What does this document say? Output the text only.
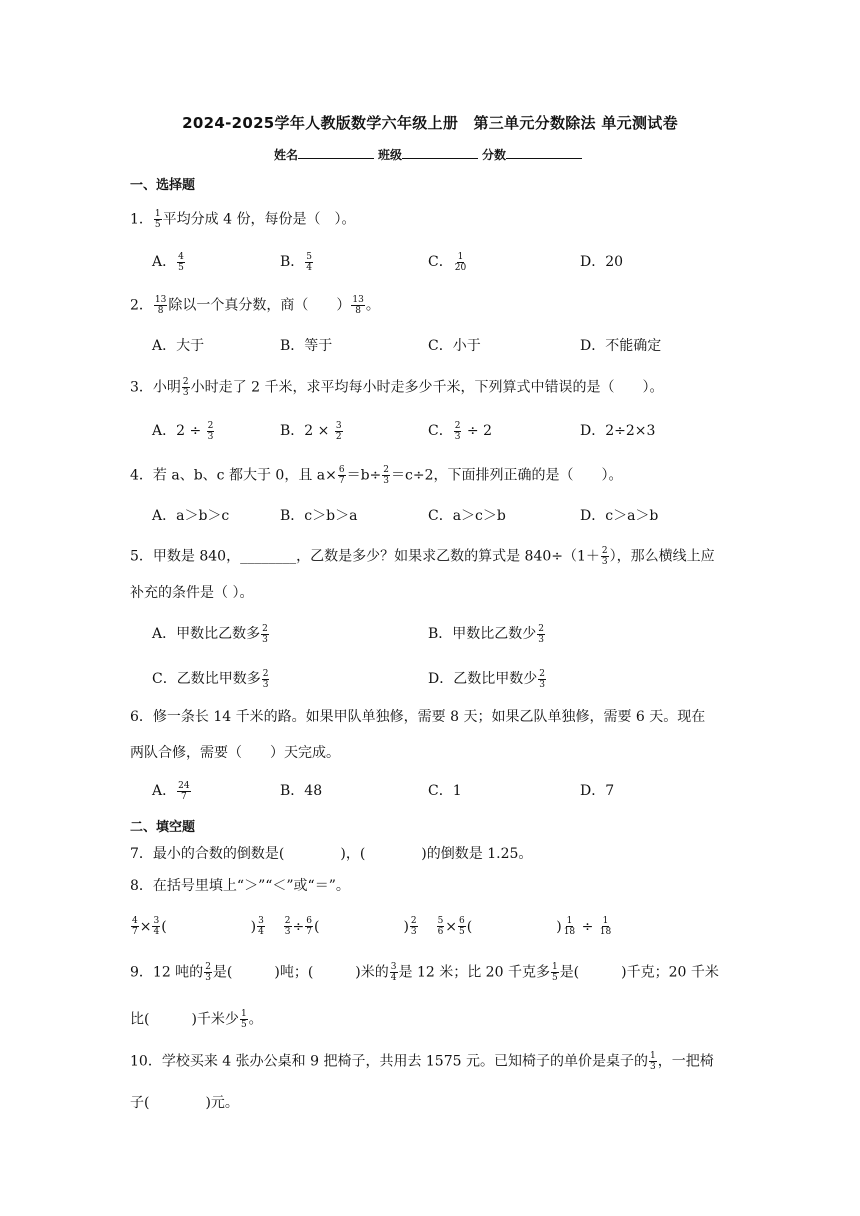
2024-2025学年人教版数学六年级上册　第三单元分数除法 单元测试卷
姓名	班级	分数
一、选择题
1． $\frac{1}{5}$ 平均分成 4 份，每份是（　）。
A． $\frac{4}{5}$	B． $\frac{5}{4}$	C． $\frac{1}{20}$	D．20
2． $\frac{13}{8}$ 除以一个真分数，商（　　） $\frac{13}{8}$ 。
A．大于	B．等于	C．小于	D．不能确定
3．小明 $\frac{2}{3}$ 小时走了 2 千米，求平均每小时走多少千米，下列算式中错误的是（　　）。
A．$2 \div \frac{2}{3}$	B．$2 \times \frac{3}{2}$	C． $\frac{2}{3} \div 2$	D．2÷2×3
4．若 a、b、c 都大于 0，且 $a\times \frac{6}{7} =b\div \frac{2}{3} =c\div 2$，下面排列正确的是（　　）。
A．a＞b＞c	B．c＞b＞a	C．a＞c＞b	D．c＞a＞b
5．甲数是 840，________，乙数是多少？如果求乙数的算式是 $840\div(1+ \frac{2}{3}$ ），那么横线上应
补充的条件是（ ）。
A．甲数比乙数多 $\frac{2}{3}$	B．甲数比乙数少 $\frac{2}{3}$
C．乙数比甲数多 $\frac{2}{3}$	D．乙数比甲数少 $\frac{2}{3}$
6．修一条长 14 千米的路。如果甲队单独修，需要 8 天；如果乙队单独修，需要 6 天。现在
两队合修，需要（　　）天完成。
A． $\frac{24}{7}$	B．48	C．1	D．7
二、填空题
7．最小的合数的倒数是(　　　　)，(　　　　)的倒数是 1.25。
8．在括号里填上“＞”“＜”或“＝”。
$\frac{4}{7} \times \frac{3}{4}$ (　　　　　　) $\frac{3}{4}$
$\frac{2}{3} \div \frac{6}{7}$ (　　　　　　) $\frac{2}{3}$
$\frac{5}{6} \times \frac{6}{5}$ (　　　　　　) $\frac{1}{18} \div \frac{1}{18}$
9．12 吨的 $\frac{2}{3}$ 是(　　　)吨；(　　　)米的 $\frac{3}{4}$ 是 12 米；比 20 千克多 $\frac{1}{5}$ 是(　　　)千克；20 千米
比(　　　)千米少 $\frac{1}{5}$ 。
10．学校买来 4 张办公桌和 9 把椅子，共用去 1575 元。已知椅子的单价是桌子的 $\frac{1}{3}$ ，一把椅
子(　　　　)元。
